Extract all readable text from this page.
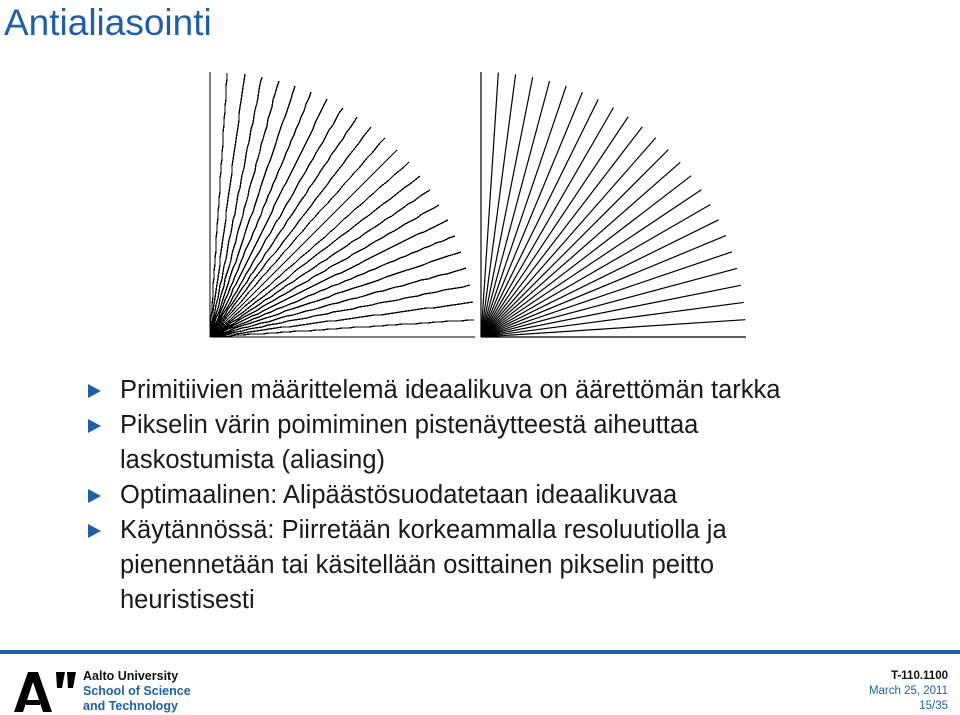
Antialiasointi
Primitiivien määrittelemä ideaalikuva on äärettömän tarkka
Pikselin värin poimiminen pistenäytteestä aiheuttaa
laskostumista (aliasing)
Optimaalinen: Alipäästösuodatetaan ideaalikuvaa
Käytännössä: Piirretään korkeammalla resoluutiolla ja
pienennetään tai käsitellään osittainen pikselin peitto
heuristisesti
Aalto University
School of Science
and Technology
T-110.1100
March 25, 2011
15/35
